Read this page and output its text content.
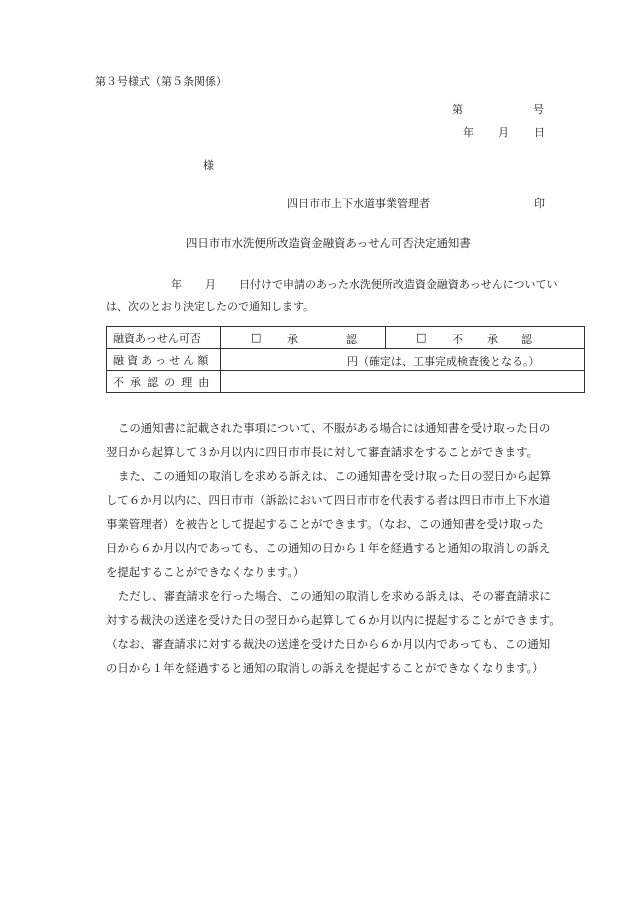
第３号様式（第５条関係）
第	号
年 月 日
様
四日市市上下水道事業管理者	印
四日市市水洗便所改造資金融資あっせん可否決定通知書
年 月 日付けで申請のあった水洗便所改造資金融資あっせんについてい
は、次のとおり決定したので通知します。
融資あっせん可否	□ 承 認	□ 不 承 認

融資あっせん額	円（確定は、工事完成検査後となる。）	

不承認の理由		
この通知書に記載された事項について、不服がある場合には通知書を受け取った日の
翌日から起算して３か月以内に四日市市長に対して審査請求をすることができます。
また、この通知の取消しを求める訴えは、この通知書を受け取った日の翌日から起算
して６か月以内に、四日市市（訴訟において四日市市を代表する者は四日市市上下水道
事業管理者）を被告として提起することができます。（なお、この通知書を受け取った
日から６か月以内であっても、この通知の日から１年を経過すると通知の取消しの訴え
を提起することができなくなります。）
ただし、審査請求を行った場合、この通知の取消しを求める訴えは、その審査請求に
対する裁決の送達を受けた日の翌日から起算して６か月以内に提起することができます。
（なお、審査請求に対する裁決の送達を受けた日から６か月以内であっても、この通知
の日から１年を経過すると通知の取消しの訴えを提起することができなくなります。）
